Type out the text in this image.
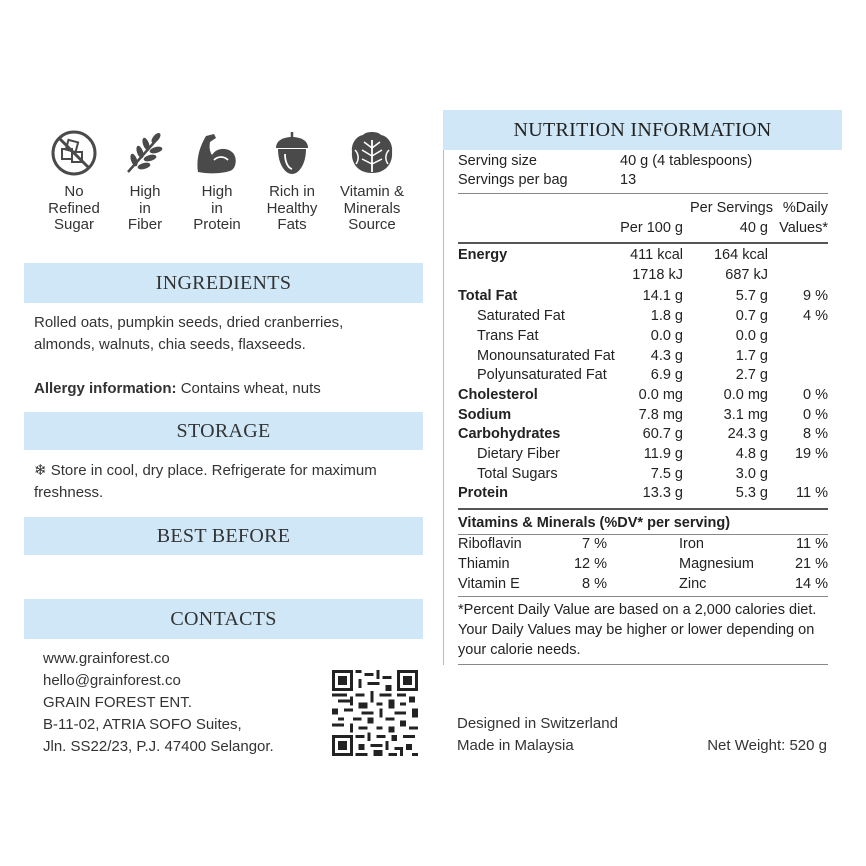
No
Refined
Sugar
High
in
Fiber
High
in
Protein
Rich in
Healthy
Fats
Vitamin &
Minerals
Source
INGREDIENTS
Rolled oats, pumpkin seeds, dried cranberries, almonds, walnuts, chia seeds, flaxseeds.
Allergy information: Contains wheat, nuts
STORAGE
❄ Store in cool, dry place. Refrigerate for maximum freshness.
BEST BEFORE
CONTACTS
www.grainforest.co
hello@grainforest.co
GRAIN FOREST ENT.
B-11-02, ATRIA SOFO Suites,
Jln. SS22/23, P.J. 47400 Selangor.
NUTRITION INFORMATION
Serving size	40 g (4 tablespoons)
Servings per bag	13
Per Servings %Daily
Per 100 g	40 g Values*
Energy	411 kcal	164 kcal
1718 kJ	687 kJ
Total Fat	14.1 g	5.7 g	9 %
Saturated Fat	1.8 g	0.7 g	4 %
Trans Fat	0.0 g	0.0 g
Monounsaturated Fat	4.3 g	1.7 g
Polyunsaturated Fat	6.9 g	2.7 g
Cholesterol	0.0 mg	0.0 mg	0 %
Sodium	7.8 mg	3.1 mg	0 %
Carbohydrates	60.7 g	24.3 g	8 %
Dietary Fiber	11.9 g	4.8 g	19 %
Total Sugars	7.5 g	3.0 g
Protein	13.3 g	5.3 g	11 %
Vitamins & Minerals (%DV* per serving)
Riboflavin	7 %	Iron	11 %
Thiamin	12 %	Magnesium	21 %
Vitamin E	8 %	Zinc	14 %
*Percent Daily Value are based on a 2,000 calories diet.
Your Daily Values may be higher or lower depending on
your calorie needs.
Designed in Switzerland
Made in Malaysia	Net Weight: 520 g
